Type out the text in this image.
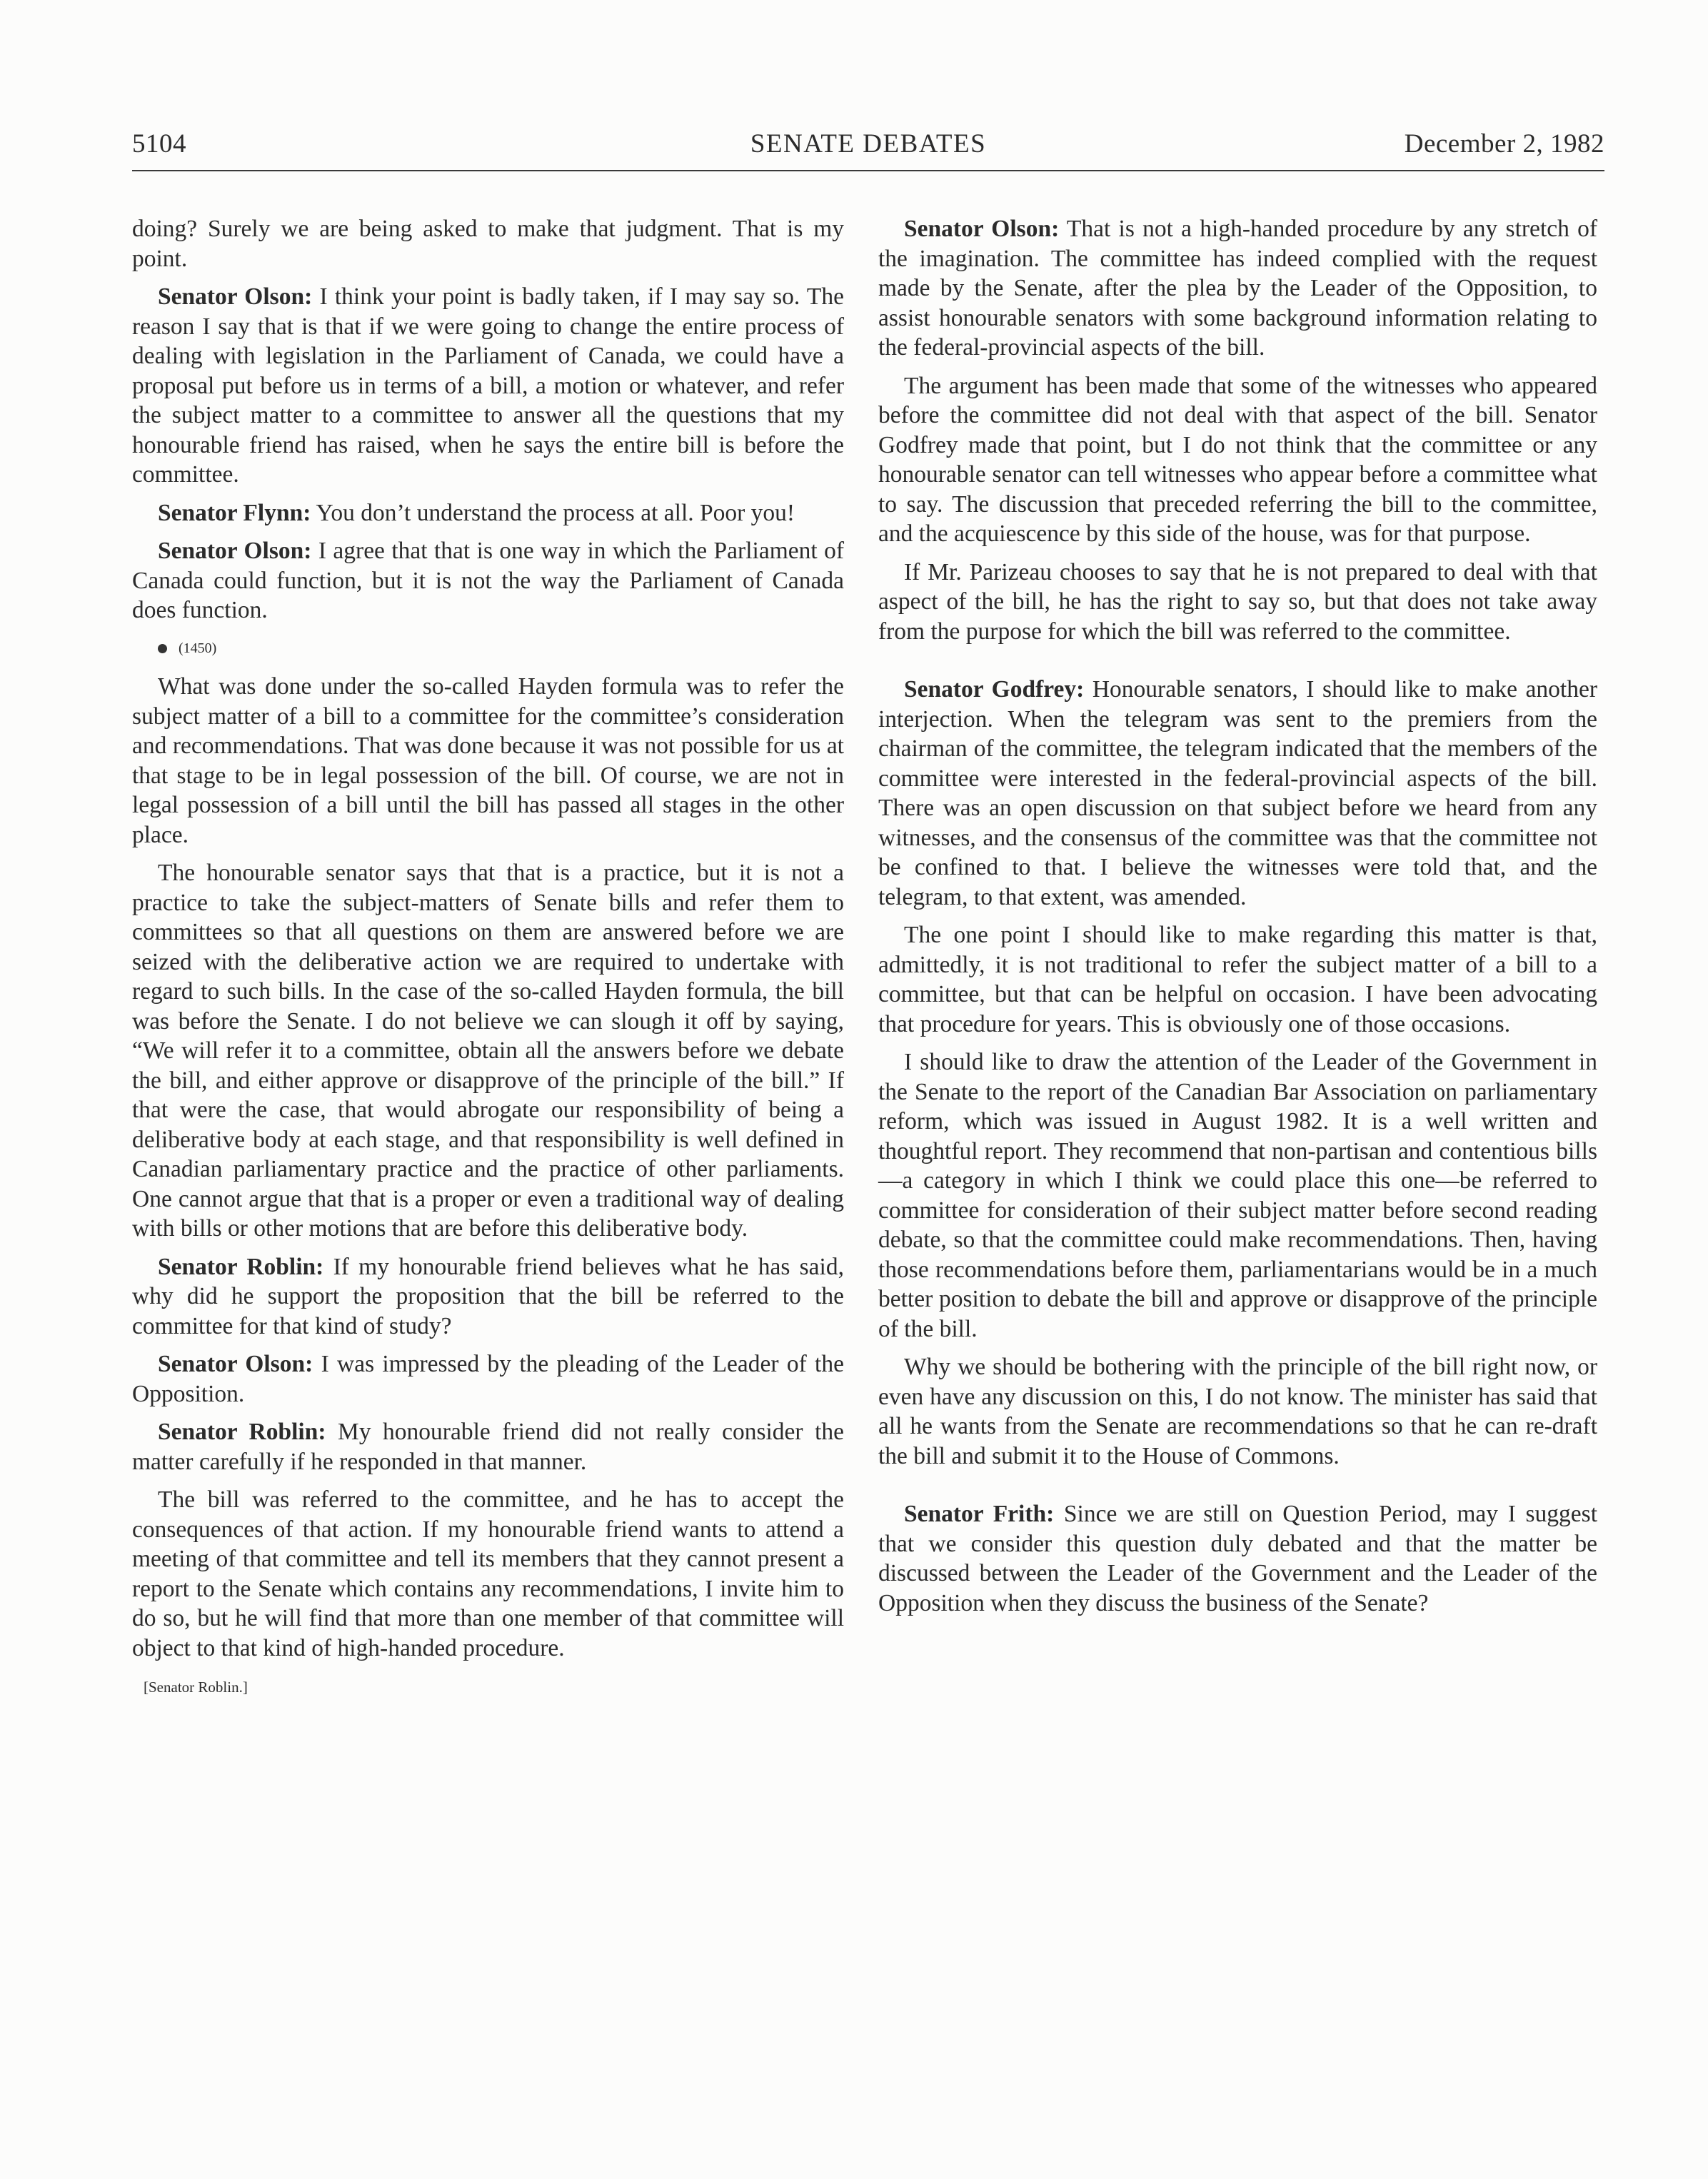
5104	SENATE DEBATES	December 2, 1982

doing? Surely we are being asked to make that judgment. That is my point.

Senator Olson: I think your point is badly taken, if I may say so. The reason I say that is that if we were going to change the entire process of dealing with legislation in the Parliament of Canada, we could have a proposal put before us in terms of a bill, a motion or whatever, and refer the subject matter to a committee to answer all the questions that my honourable friend has raised, when he says the entire bill is before the committee.

Senator Flynn: You don’t understand the process at all. Poor you!

Senator Olson: I agree that that is one way in which the Parliament of Canada could function, but it is not the way the Parliament of Canada does function.

(1450)

What was done under the so-called Hayden formula was to refer the subject matter of a bill to a committee for the committee’s consideration and recommendations. That was done because it was not possible for us at that stage to be in legal possession of the bill. Of course, we are not in legal possession of a bill until the bill has passed all stages in the other place.

The honourable senator says that that is a practice, but it is not a practice to take the subject-matters of Senate bills and refer them to committees so that all questions on them are answered before we are seized with the deliberative action we are required to undertake with regard to such bills. In the case of the so-called Hayden formula, the bill was before the Senate. I do not believe we can slough it off by saying, “We will refer it to a committee, obtain all the answers before we debate the bill, and either approve or disapprove of the principle of the bill.” If that were the case, that would abrogate our responsibility of being a deliberative body at each stage, and that responsibility is well defined in Canadian parliamentary practice and the practice of other parliaments. One cannot argue that that is a proper or even a traditional way of dealing with bills or other motions that are before this deliberative body.

Senator Roblin: If my honourable friend believes what he has said, why did he support the proposition that the bill be referred to the committee for that kind of study?

Senator Olson: I was impressed by the pleading of the Leader of the Opposition.

Senator Roblin: My honourable friend did not really consider the matter carefully if he responded in that manner.

The bill was referred to the committee, and he has to accept the consequences of that action. If my honourable friend wants to attend a meeting of that committee and tell its members that they cannot present a report to the Senate which contains any recommendations, I invite him to do so, but he will find that more than one member of that committee will object to that kind of high-handed procedure.

[Senator Roblin.]

Senator Olson: That is not a high-handed procedure by any stretch of the imagination. The committee has indeed complied with the request made by the Senate, after the plea by the Leader of the Opposition, to assist honourable senators with some background information relating to the federal-provincial aspects of the bill.

The argument has been made that some of the witnesses who appeared before the committee did not deal with that aspect of the bill. Senator Godfrey made that point, but I do not think that the committee or any honourable senator can tell witnesses who appear before a committee what to say. The discussion that preceded referring the bill to the committee, and the acquiescence by this side of the house, was for that purpose.

If Mr. Parizeau chooses to say that he is not prepared to deal with that aspect of the bill, he has the right to say so, but that does not take away from the purpose for which the bill was referred to the committee.

Senator Godfrey: Honourable senators, I should like to make another interjection. When the telegram was sent to the premiers from the chairman of the committee, the telegram indicated that the members of the committee were interested in the federal-provincial aspects of the bill. There was an open discussion on that subject before we heard from any witnesses, and the consensus of the committee was that the committee not be confined to that. I believe the witnesses were told that, and the telegram, to that extent, was amended.

The one point I should like to make regarding this matter is that, admittedly, it is not traditional to refer the subject matter of a bill to a committee, but that can be helpful on occasion. I have been advocating that procedure for years. This is obviously one of those occasions.

I should like to draw the attention of the Leader of the Government in the Senate to the report of the Canadian Bar Association on parliamentary reform, which was issued in August 1982. It is a well written and thoughtful report. They recommend that non-partisan and contentious bills—a category in which I think we could place this one—be referred to committee for consideration of their subject matter before second reading debate, so that the committee could make recommendations. Then, having those recommendations before them, parliamentarians would be in a much better position to debate the bill and approve or disapprove of the principle of the bill.

Why we should be bothering with the principle of the bill right now, or even have any discussion on this, I do not know. The minister has said that all he wants from the Senate are recommendations so that he can re-draft the bill and submit it to the House of Commons.

Senator Frith: Since we are still on Question Period, may I suggest that we consider this question duly debated and that the matter be discussed between the Leader of the Government and the Leader of the Opposition when they discuss the business of the Senate?
